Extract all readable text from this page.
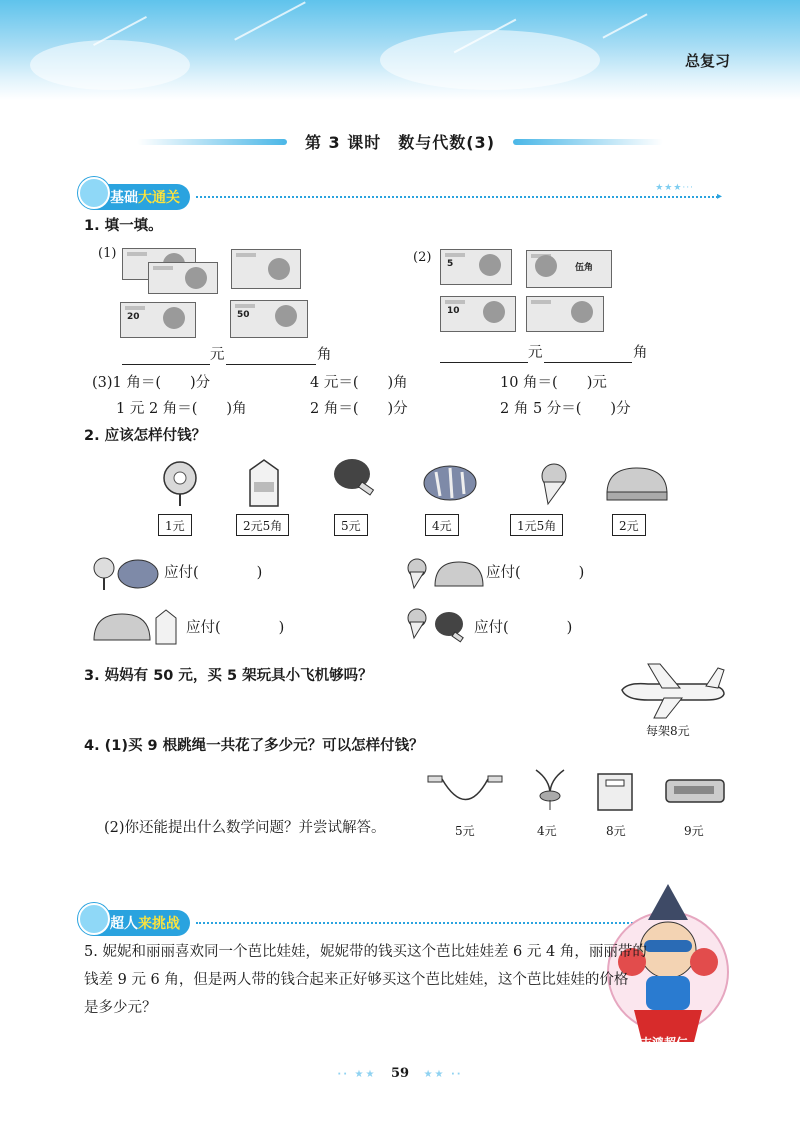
总复习
第 3 课时　数与代数(3)
基础 大通关
★★★···
▸
1. 填一填。
(1)
20	50
元	角
(2) 5	伍角
10
元	角
(3)1 角＝(　　)分	4 元＝(　　)角	10 角＝(　　)元
1 元 2 角＝(　　)角	2 角＝(　　)分	2 角 5 分＝(　　)分
2. 应该怎样付钱？
1元	2元5角	5元	4元	1元5角	2元
应付(　　　　)	应付(　　　　)
应付(　　　　)	应付(　　　　)
3. 妈妈有 50 元，买 5 架玩具小飞机够吗？
每架8元
4. (1)买 9 根跳绳一共花了多少元？可以怎样付钱？
(2)你还能提出什么数学问题？并尝试解答。	5元	4元	8元	9元
超人 来挑战
志鸿超仁
5. 妮妮和丽丽喜欢同一个芭比娃娃，妮妮带的钱买这个芭比娃娃差 6 元 4 角，丽丽带的
钱差 9 元 6 角，但是两人带的钱合起来正好够买这个芭比娃娃，这个芭比娃娃的价格
是多少元？
·· ★★ 59 ★★ ··
